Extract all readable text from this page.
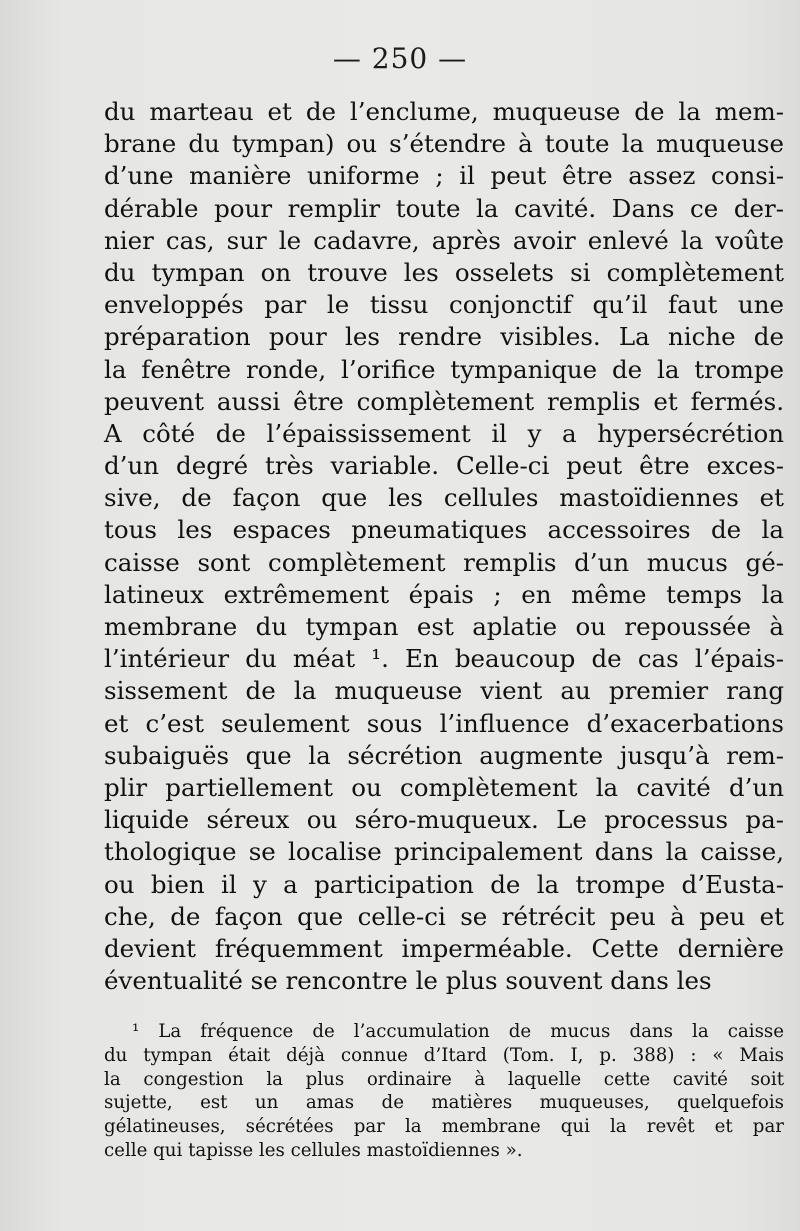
— 250 —
du marteau et de l’enclume, muqueuse de la mem-
brane du tympan) ou s’étendre à toute la muqueuse
d’une manière uniforme ; il peut être assez consi-
dérable pour remplir toute la cavité. Dans ce der-
nier cas, sur le cadavre, après avoir enlevé la voûte
du tympan on trouve les osselets si complètement
enveloppés par le tissu conjonctif qu’il faut une
préparation pour les rendre visibles. La niche de
la fenêtre ronde, l’orifice tympanique de la trompe
peuvent aussi être complètement remplis et fermés.
A côté de l’épaississement il y a hypersécrétion
d’un degré très variable. Celle-ci peut être exces-
sive, de façon que les cellules mastoïdiennes et
tous les espaces pneumatiques accessoires de la
caisse sont complètement remplis d’un mucus gé-
latineux extrêmement épais ; en même temps la
membrane du tympan est aplatie ou repoussée à
l’intérieur du méat ¹. En beaucoup de cas l’épais-
sissement de la muqueuse vient au premier rang
et c’est seulement sous l’influence d’exacerbations
subaiguës que la sécrétion augmente jusqu’à rem-
plir partiellement ou complètement la cavité d’un
liquide séreux ou séro-muqueux. Le processus pa-
thologique se localise principalement dans la caisse,
ou bien il y a participation de la trompe d’Eusta-
che, de façon que celle-ci se rétrécit peu à peu et
devient fréquemment imperméable. Cette dernière
éventualité se rencontre le plus souvent dans les
¹ La fréquence de l’accumulation de mucus dans la caisse
du tympan était déjà connue d’Itard (Tom. I, p. 388) : « Mais
la congestion la plus ordinaire à laquelle cette cavité soit
sujette, est un amas de matières muqueuses, quelquefois
gélatineuses, sécrétées par la membrane qui la revêt et par
celle qui tapisse les cellules mastoïdiennes ».
